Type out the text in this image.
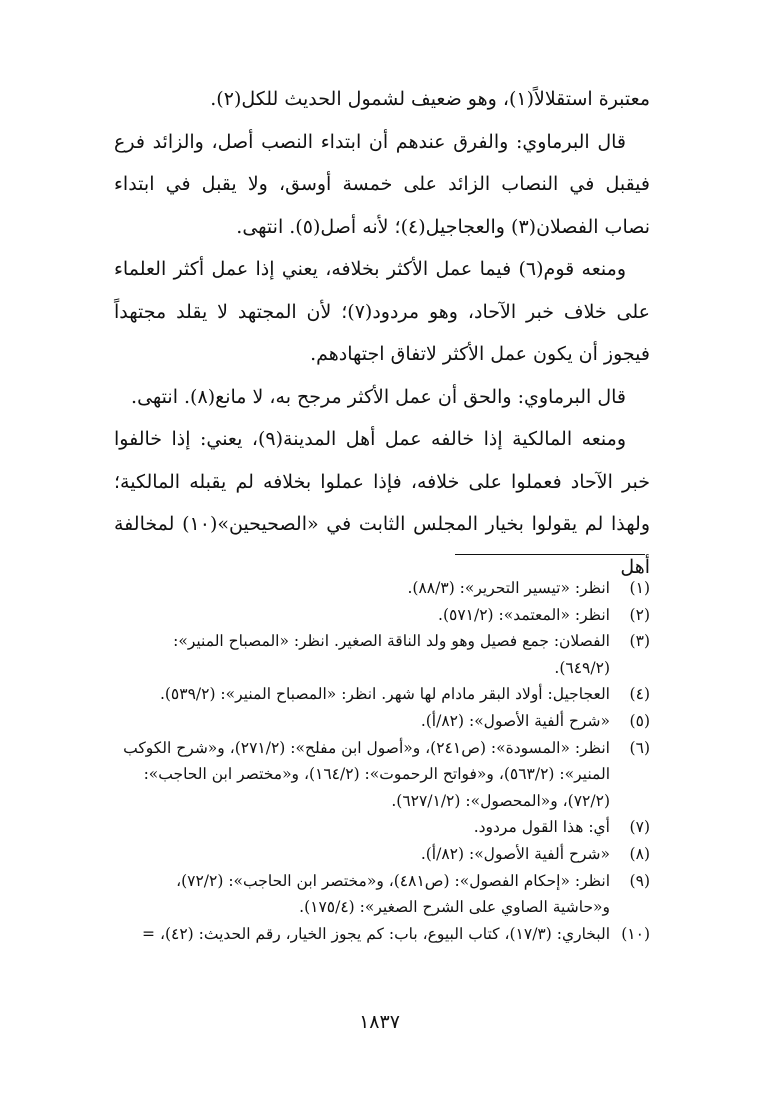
معتبرة استقلالاً(١)، وهو ضعيف لشمول الحديث للكل(٢).

قال البرماوي: والفرق عندهم أن ابتداء النصب أصل، والزائد فرع فيقبل في النصاب الزائد على خمسة أوسق، ولا يقبل في ابتداء نصاب الفصلان(٣) والعجاجيل(٤)؛ لأنه أصل(٥). انتهى.

ومنعه قوم(٦) فيما عمل الأكثر بخلافه، يعني إذا عمل أكثر العلماء على خلاف خبر الآحاد، وهو مردود(٧)؛ لأن المجتهد لا يقلد مجتهداً فيجوز أن يكون عمل الأكثر لاتفاق اجتهادهم.

قال البرماوي: والحق أن عمل الأكثر مرجح به، لا مانع(٨). انتهى.

ومنعه المالكية إذا خالفه عمل أهل المدينة(٩)، يعني: إذا خالفوا خبر الآحاد فعملوا على خلافه، فإذا عملوا بخلافه لم يقبله المالكية؛ ولهذا لم يقولوا بخيار المجلس الثابت في «الصحيحين»(١٠) لمخالفة أهل

(١)
انظر: «تيسير التحرير»: (٨٨/٣).
(٢)
انظر: «المعتمد»: (٥٧١/٢).
(٣)
الفصلان: جمع فصيل وهو ولد الناقة الصغير. انظر: «المصباح المنير»: (٦٤٩/٢).
(٤)
العجاجيل: أولاد البقر مادام لها شهر. انظر: «المصباح المنير»: (٥٣٩/٢).
(٥)
«شرح ألفية الأصول»: (٨٢/أ).
(٦)
انظر: «المسودة»: (ص٢٤١)، و«أصول ابن مفلح»: (٢٧١/٢)، و«شرح الكوكب المنير»: (٥٦٣/٢)، و«فواتح الرحموت»: (١٦٤/٢)، و«مختصر ابن الحاجب»: (٧٢/٢)، و«المحصول»: (٦٢٧/١/٢).
(٧)
أي: هذا القول مردود.
(٨)
«شرح ألفية الأصول»: (٨٢/أ).
(٩)
انظر: «إحكام الفصول»: (ص٤٨١)، و«مختصر ابن الحاجب»: (٧٢/٢)، و«حاشية الصاوي على الشرح الصغير»: (١٧٥/٤).
(١٠)
البخاري: (١٧/٣)، كتاب البيوع، باب: كم يجوز الخيار، رقم الحديث: (٤٢)، =
١٨٣٧
